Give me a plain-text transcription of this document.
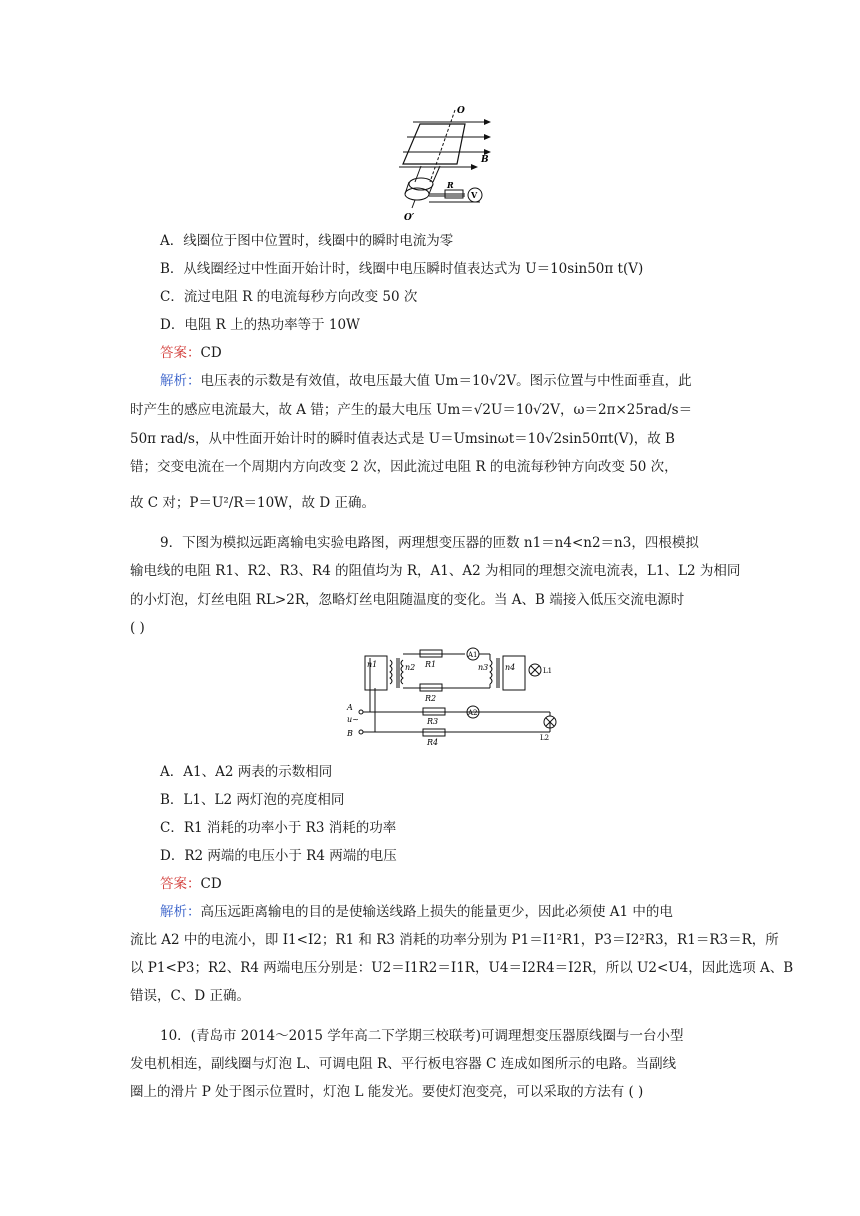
O
B
V
R
O′
A．线圈位于图中位置时，线圈中的瞬时电流为零
B．从线圈经过中性面开始计时，线圈中电压瞬时值表达式为 U＝10sin50π t(V)
C．流过电阻 R 的电流每秒方向改变 50 次
D．电阻 R 上的热功率等于 10W
答案：CD
解析：电压表的示数是有效值，故电压最大值 Um＝10√2V。图示位置与中性面垂直，此
时产生的感应电流最大，故 A 错；产生的最大电压 Um＝√2U＝10√2V，ω＝2π×25rad/s＝
50π rad/s，从中性面开始计时的瞬时值表达式是 U＝Umsinωt＝10√2sin50πt(V)，故 B
错；交变电流在一个周期内方向改变 2 次，因此流过电阻 R 的电流每秒钟方向改变 50 次，
故 C 对；P＝U²/R＝10W，故 D 正确。
9．下图为模拟远距离输电实验电路图，两理想变压器的匝数 n1＝n4<n2＝n3，四根模拟
输电线的电阻 R1、R2、R3、R4 的阻值均为 R，A1、A2 为相同的理想交流电流表，L1、L2 为相同
的小灯泡，灯丝电阻 RL>2R，忽略灯丝电阻随温度的变化。当 A、B 端接入低压交流电源时
( )
n1	n2	n3 n4
R1
R2
R3
R4
A
u~
B
A1
A2
L1
L2
A．A1、A2 两表的示数相同
B．L1、L2 两灯泡的亮度相同
C．R1 消耗的功率小于 R3 消耗的功率
D．R2 两端的电压小于 R4 两端的电压
答案：CD
解析：高压远距离输电的目的是使输送线路上损失的能量更少，因此必须使 A1 中的电
流比 A2 中的电流小，即 I1<I2；R1 和 R3 消耗的功率分别为 P1＝I1²R1，P3＝I2²R3，R1＝R3＝R，所
以 P1<P3；R2、R4 两端电压分别是：U2＝I1R2＝I1R，U4＝I2R4＝I2R，所以 U2<U4，因此选项 A、B
错误，C、D 正确。
10．(青岛市 2014～2015 学年高二下学期三校联考)可调理想变压器原线圈与一台小型
发电机相连，副线圈与灯泡 L、可调电阻 R、平行板电容器 C 连成如图所示的电路。当副线
圈上的滑片 P 处于图示位置时，灯泡 L 能发光。要使灯泡变亮，可以采取的方法有 ( )
